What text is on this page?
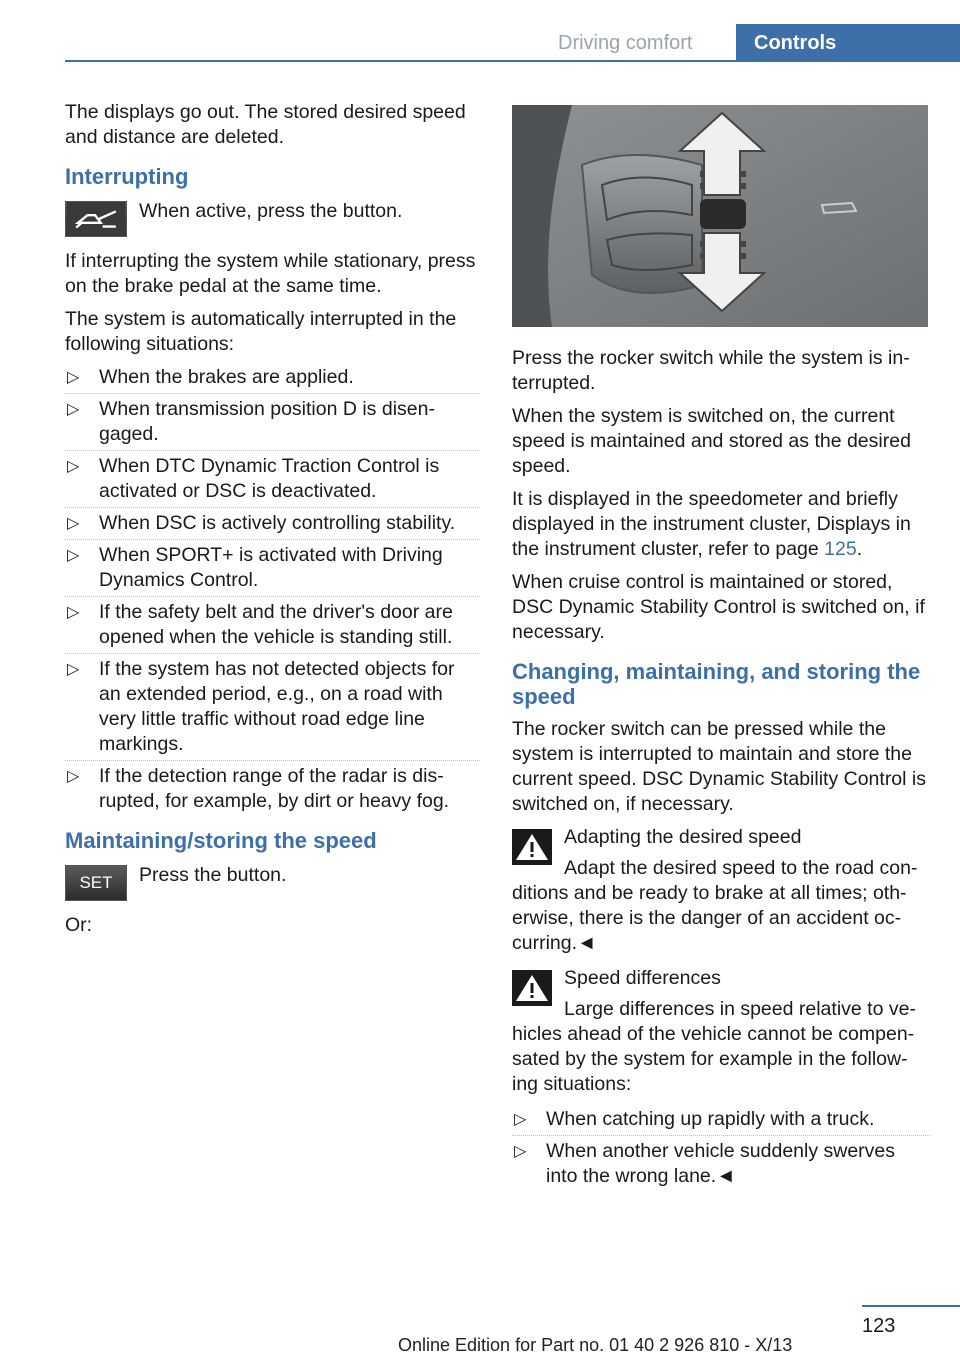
Driving comfort	Controls

The displays go out. The stored desired speed and distance are deleted.

Interrupting
When active, press the button.

If interrupting the system while stationary, press on the brake pedal at the same time.

The system is automatically interrupted in the following situations:

▷ When the brakes are applied.
▷ When transmission position D is disen-gaged.
▷ When DTC Dynamic Traction Control is activated or DSC is deactivated.
▷ When DSC is actively controlling stability.
▷ When SPORT+ is activated with Driving Dynamics Control.
▷ If the safety belt and the driver's door are opened when the vehicle is standing still.
▷ If the system has not detected objects for an extended period, e.g., on a road with very little traffic without road edge line markings.
▷ If the detection range of the radar is dis-rupted, for example, by dirt or heavy fog.
Maintaining/storing the speed
SET	Press the button.

Or:

Press the rocker switch while the system is in-terrupted.

When the system is switched on, the current speed is maintained and stored as the desired speed.

It is displayed in the speedometer and briefly displayed in the instrument cluster, Displays in the instrument cluster, refer to page 125.

When cruise control is maintained or stored, DSC Dynamic Stability Control is switched on, if necessary.

Changing, maintaining, and storing the speed

The rocker switch can be pressed while the system is interrupted to maintain and store the current speed. DSC Dynamic Stability Control is switched on, if necessary.

Adapting the desired speed
Adapt the desired speed to the road con-ditions and be ready to brake at all times; oth-erwise, there is the danger of an accident oc-curring.◄
Speed differences
Large differences in speed relative to ve-hicles ahead of the vehicle cannot be compen-sated by the system for example in the follow-ing situations:
▷ When catching up rapidly with a truck.
▷ When another vehicle suddenly swerves into the wrong lane.◄
123
Online Edition for Part no. 01 40 2 926 810 - X/13
